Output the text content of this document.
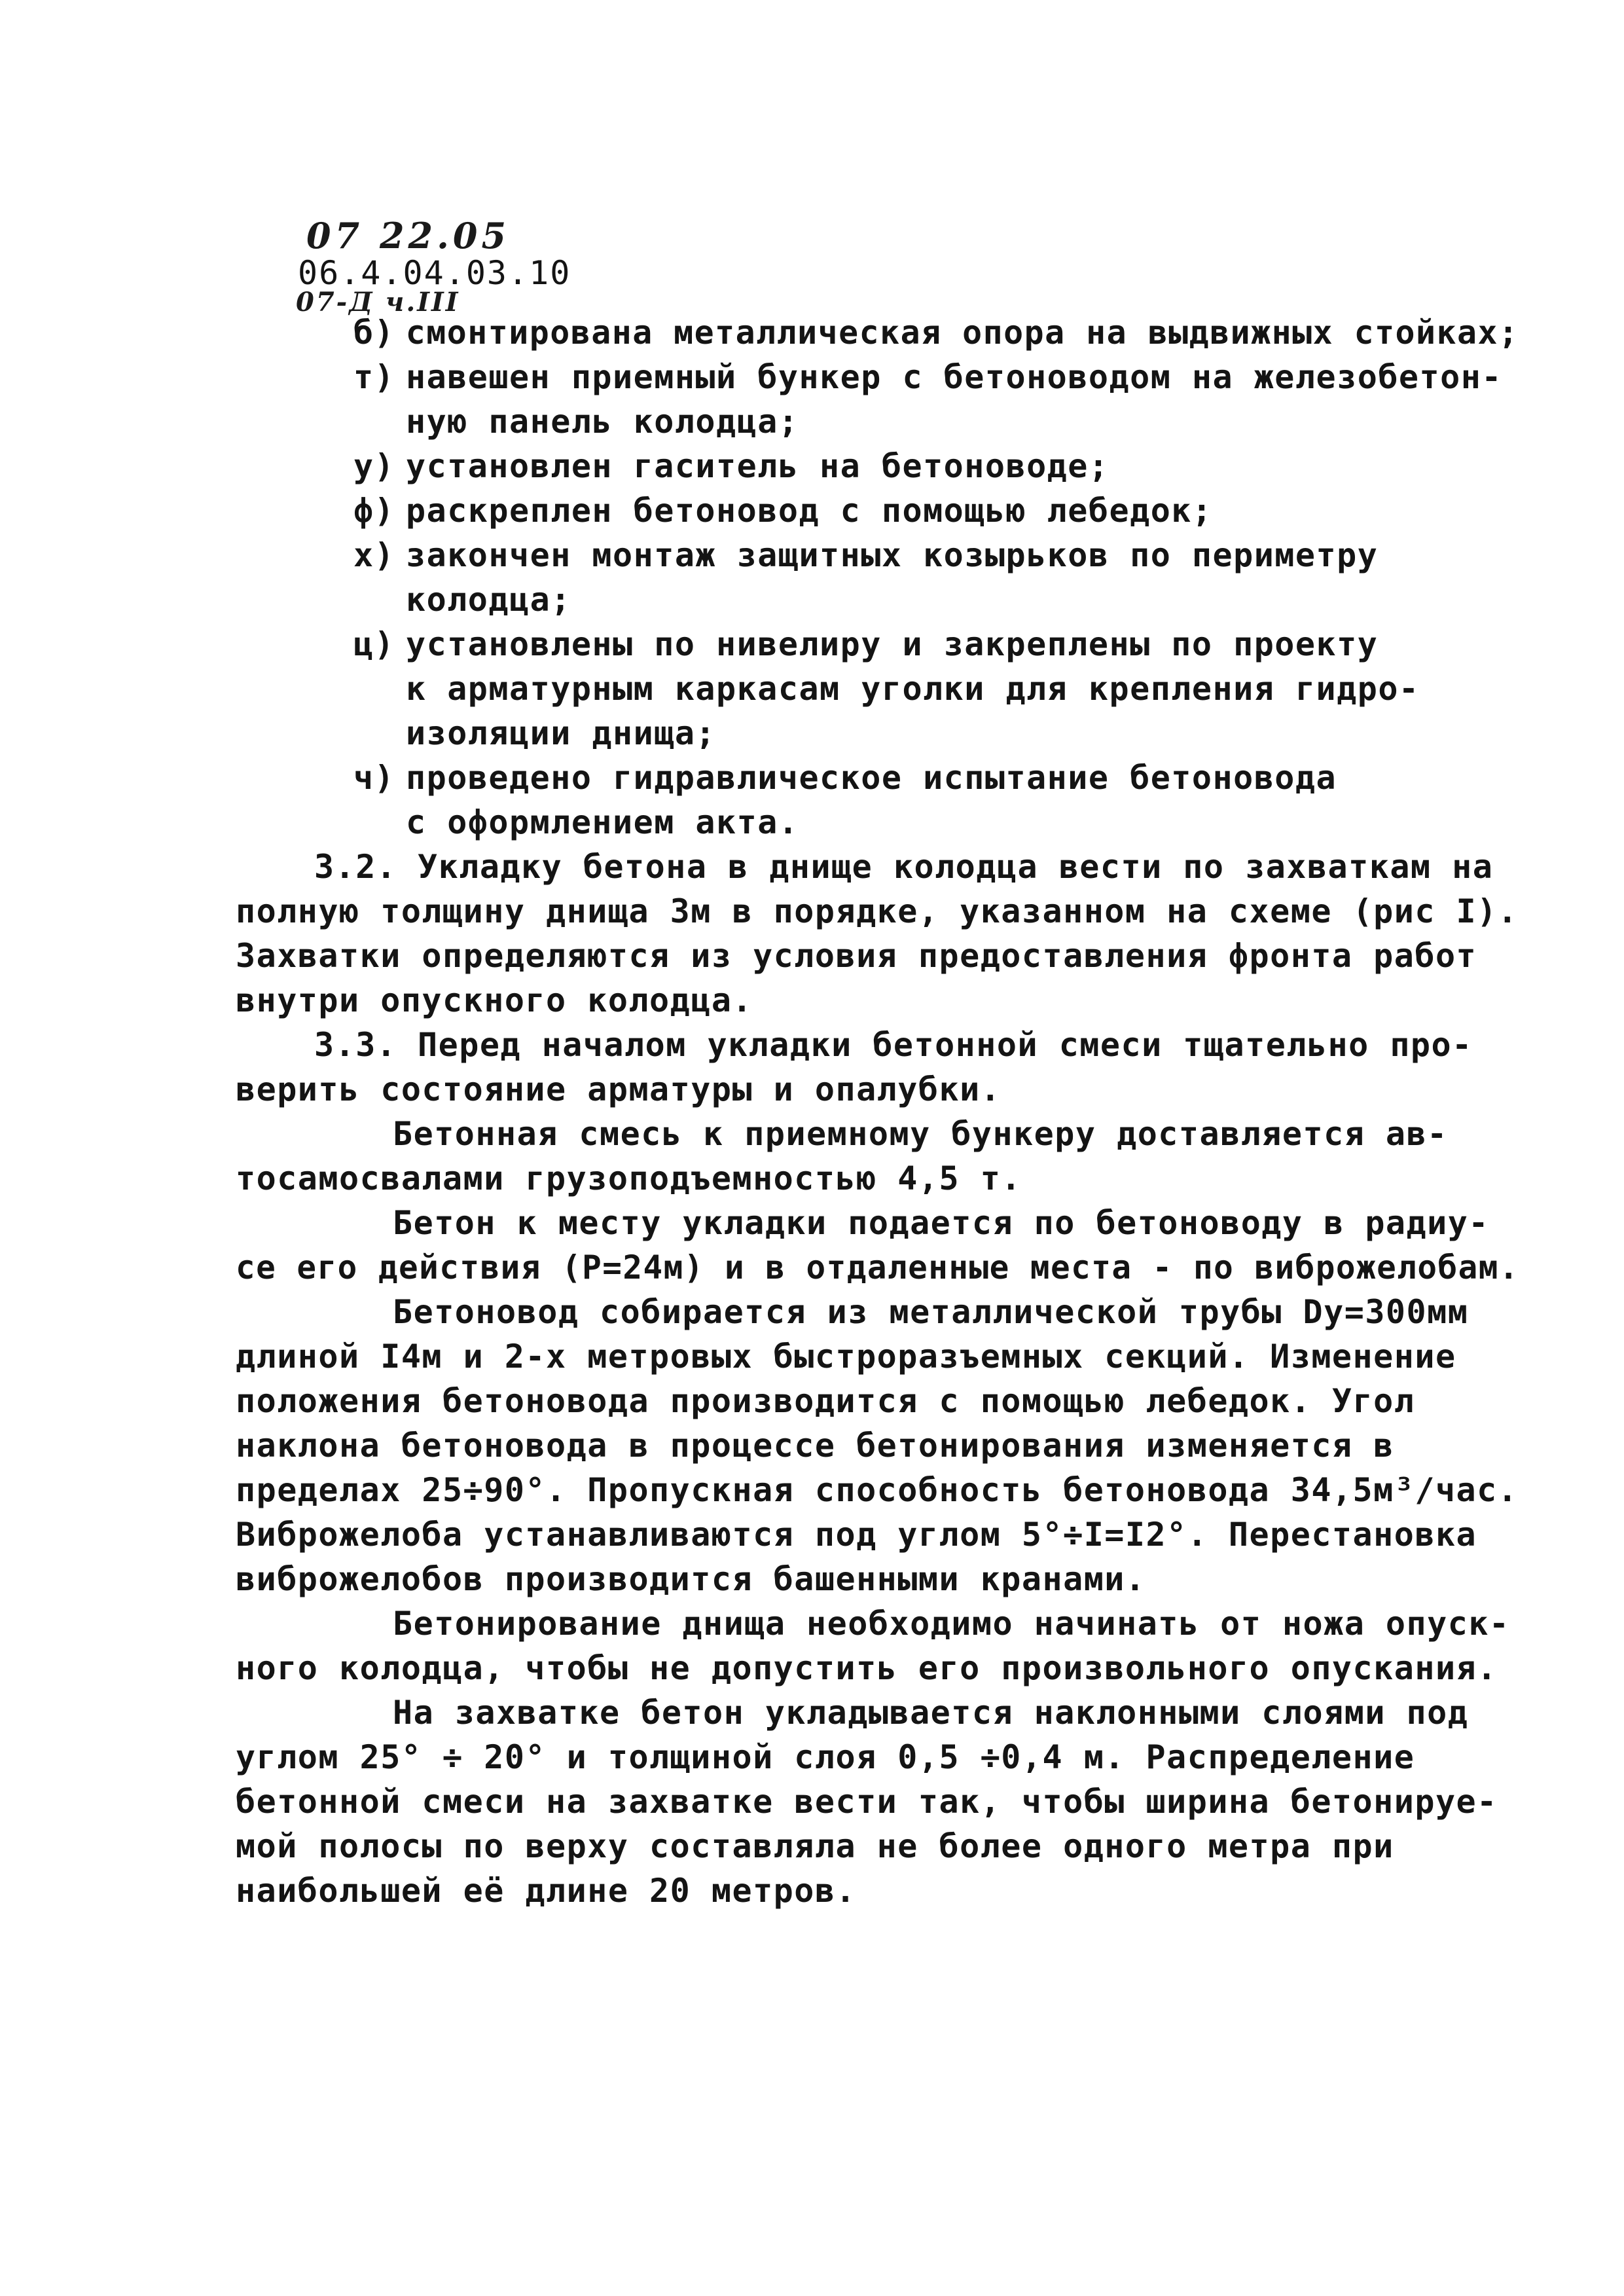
07 22.05
06.4.04.03.10
07-Д ч.III
б) смонтирована металлическая опора на выдвижных стойках;
т) навешен приемный бункер с бетоноводом на железобетон-
ную панель колодца;
у) установлен гаситель на бетоноводе;
ф) раскреплен бетоновод с помощью лебедок;
х) закончен монтаж защитных козырьков по периметру
колодца;
ц) установлены по нивелиру и закреплены по проекту
к арматурным каркасам уголки для крепления гидро-
изоляции днища;
ч) проведено гидравлическое испытание бетоновода
с оформлением акта.
3.2. Укладку бетона в днище колодца вести по захваткам на
полную толщину днища 3м в порядке, указанном на схеме (рис I).
Захватки определяются из условия предоставления фронта работ
внутри опускного колодца.
3.3. Перед началом укладки бетонной смеси тщательно про-
верить состояние арматуры и опалубки.
Бетонная смесь к приемному бункеру доставляется ав-
тосамосвалами грузоподъемностью 4,5 т.
Бетон к месту укладки подается по бетоноводу в радиу-
се его действия (Р=24м) и в отдаленные места - по виброжелобам.
Бетоновод собирается из металлической трубы Dу=300мм
длиной I4м и 2-х метровых быстроразъемных секций. Изменение
положения бетоновода производится с помощью лебедок. Угол
наклона бетоновода в процессе бетонирования изменяется в
пределах 25÷90°. Пропускная способность бетоновода 34,5м³/час.
Виброжелоба устанавливаются под углом 5°÷I=I2°. Перестановка
виброжелобов производится башенными кранами.
Бетонирование днища необходимо начинать от ножа опуск-
ного колодца, чтобы не допустить его произвольного опускания.
На захватке бетон укладывается наклонными слоями под
углом 25° ÷ 20° и толщиной слоя 0,5 ÷0,4 м. Распределение
бетонной смеси на захватке вести так, чтобы ширина бетонируе-
мой полосы по верху составляла не более одного метра при
наибольшей её длине 20 метров.
